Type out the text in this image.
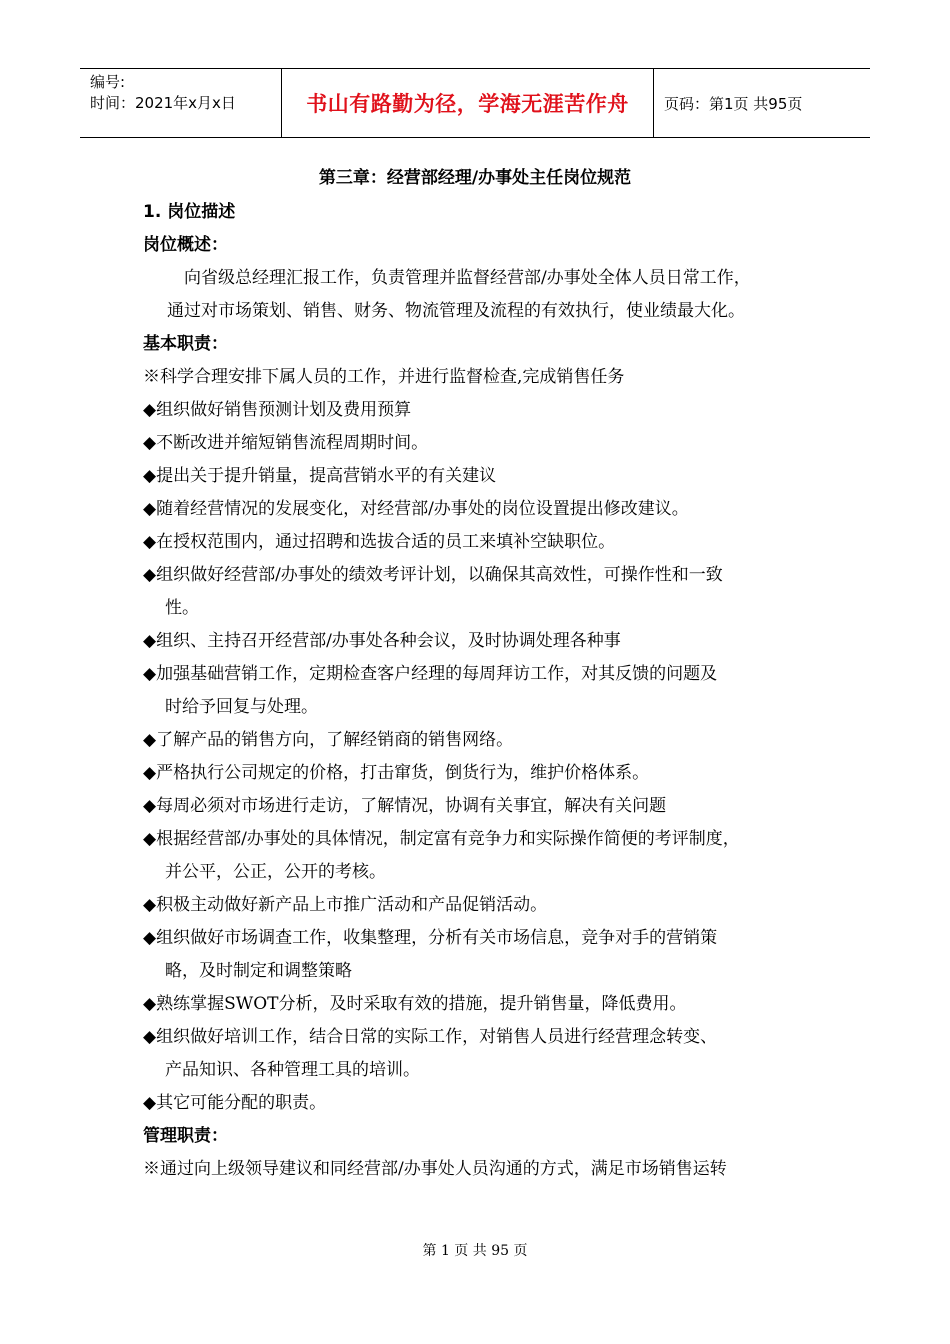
编号:
时间：2021年x月x日	书山有路勤为径，学海无涯苦作舟	页码：第1页 共95页
第三章：经营部经理/办事处主任岗位规范
1. 岗位描述
岗位概述：
向省级总经理汇报工作，负责管理并监督经营部/办事处全体人员日常工作，
通过对市场策划、销售、财务、物流管理及流程的有效执行，使业绩最大化。
基本职责：
※科学合理安排下属人员的工作，并进行监督检查,完成销售任务
◆组织做好销售预测计划及费用预算
◆不断改进并缩短销售流程周期时间。
◆提出关于提升销量，提高营销水平的有关建议
◆随着经营情况的发展变化，对经营部/办事处的岗位设置提出修改建议。
◆在授权范围内，通过招聘和选拔合适的员工来填补空缺职位。
◆组织做好经营部/办事处的绩效考评计划，以确保其高效性，可操作性和一致
性。
◆组织、主持召开经营部/办事处各种会议，及时协调处理各种事
◆加强基础营销工作，定期检查客户经理的每周拜访工作，对其反馈的问题及
时给予回复与处理。
◆了解产品的销售方向，了解经销商的销售网络。
◆严格执行公司规定的价格，打击窜货，倒货行为，维护价格体系。
◆每周必须对市场进行走访，了解情况，协调有关事宜，解决有关问题
◆根据经营部/办事处的具体情况，制定富有竞争力和实际操作简便的考评制度，
并公平，公正，公开的考核。
◆积极主动做好新产品上市推广活动和产品促销活动。
◆组织做好市场调查工作，收集整理，分析有关市场信息，竞争对手的营销策
略，及时制定和调整策略
◆熟练掌握SWOT分析，及时采取有效的措施，提升销售量，降低费用。
◆组织做好培训工作，结合日常的实际工作，对销售人员进行经营理念转变、
产品知识、各种管理工具的培训。
◆其它可能分配的职责。
管理职责：
※通过向上级领导建议和同经营部/办事处人员沟通的方式，满足市场销售运转
第 1 页 共 95 页
